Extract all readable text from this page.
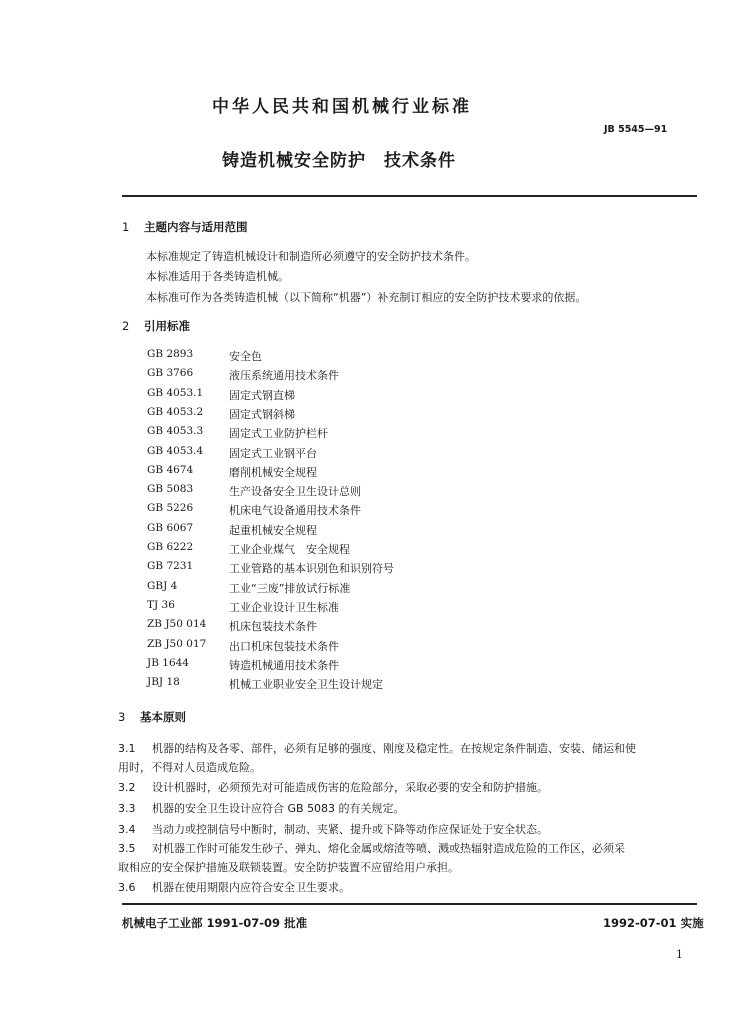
中华人民共和国机械行业标准
JB 5545—91
铸造机械安全防护　技术条件
1 主题内容与适用范围
本标准规定了铸造机械设计和制造所必须遵守的安全防护技术条件。
本标准适用于各类铸造机械。
本标准可作为各类铸造机械（以下简称“机器”）补充制订相应的安全防护技术要求的依据。
2 引用标准
GB 2893	安全色
GB 3766	液压系统通用技术条件
GB 4053.1 固定式钢直梯
GB 4053.2 固定式钢斜梯
GB 4053.3 固定式工业防护栏杆
GB 4053.4 固定式工业钢平台
GB 4674	磨削机械安全规程
GB 5083	生产设备安全卫生设计总则
GB 5226	机床电气设备通用技术条件
GB 6067	起重机械安全规程
GB 6222	工业企业煤气　安全规程
GB 7231	工业管路的基本识别色和识别符号
GBJ 4	工业“三废”排放试行标准
TJ 36	工业企业设计卫生标准
ZB J50 014 机床包装技术条件
ZB J50 017 出口机床包装技术条件
JB 1644	铸造机械通用技术条件
JBJ 18	机械工业职业安全卫生设计规定
3 基本原则
3.1 机器的结构及各零、部件，必须有足够的强度、刚度及稳定性。在按规定条件制造、安装、储运和使
用时，不得对人员造成危险。
3.2 设计机器时，必须预先对可能造成伤害的危险部分，采取必要的安全和防护措施。
3.3 机器的安全卫生设计应符合 GB 5083 的有关规定。
3.4 当动力或控制信号中断时，制动、夹紧、提升或下降等动作应保证处于安全状态。
3.5 对机器工作时可能发生砂子、弹丸、熔化金属或熔渣等喷、溅或热辐射造成危险的工作区，必须采
取相应的安全保护措施及联锁装置。安全防护装置不应留给用户承担。
3.6 机器在使用期限内应符合安全卫生要求。
机械电子工业部 1991-07-09 批准	1992-07-01 实施
1
